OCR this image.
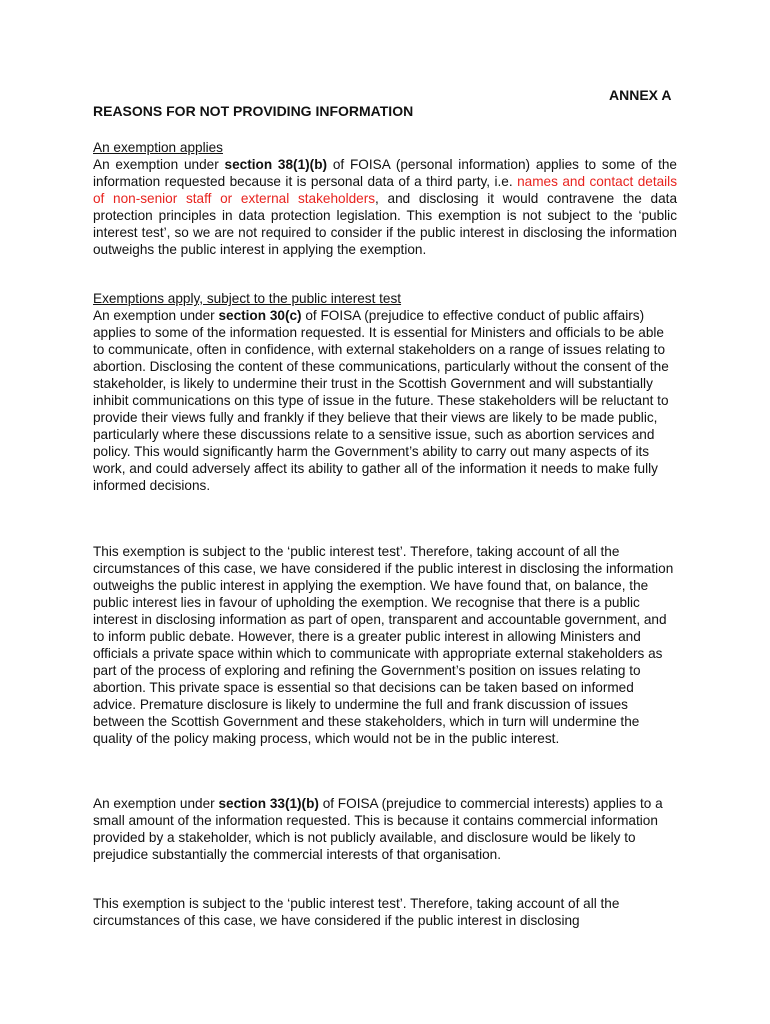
ANNEX A

REASONS FOR NOT PROVIDING INFORMATION

An exemption applies
An exemption under section 38(1)(b) of FOISA (personal information) applies to some of the information requested because it is personal data of a third party, i.e. names and contact details of non-senior staff or external stakeholders, and disclosing it would contravene the data protection principles in data protection legislation. This exemption is not subject to the ‘public interest test’, so we are not required to consider if the public interest in disclosing the information outweighs the public interest in applying the exemption.

Exemptions apply, subject to the public interest test
An exemption under section 30(c) of FOISA (prejudice to effective conduct of public affairs) applies to some of the information requested. It is essential for Ministers and officials to be able to communicate, often in confidence, with external stakeholders on a range of issues relating to abortion. Disclosing the content of these communications, particularly without the consent of the stakeholder, is likely to undermine their trust in the Scottish Government and will substantially inhibit communications on this type of issue in the future. These stakeholders will be reluctant to provide their views fully and frankly if they believe that their views are likely to be made public, particularly where these discussions relate to a sensitive issue, such as abortion services and policy. This would significantly harm the Government’s ability to carry out many aspects of its work, and could adversely affect its ability to gather all of the information it needs to make fully informed decisions.

This exemption is subject to the ‘public interest test’. Therefore, taking account of all the circumstances of this case, we have considered if the public interest in disclosing the information outweighs the public interest in applying the exemption. We have found that, on balance, the public interest lies in favour of upholding the exemption. We recognise that there is a public interest in disclosing information as part of open, transparent and accountable government, and to inform public debate. However, there is a greater public interest in allowing Ministers and officials a private space within which to communicate with appropriate external stakeholders as part of the process of exploring and refining the Government’s position on issues relating to abortion. This private space is essential so that decisions can be taken based on informed advice. Premature disclosure is likely to undermine the full and frank discussion of issues between the Scottish Government and these stakeholders, which in turn will undermine the quality of the policy making process, which would not be in the public interest.

An exemption under section 33(1)(b) of FOISA (prejudice to commercial interests) applies to a small amount of the information requested. This is because it contains commercial information provided by a stakeholder, which is not publicly available, and disclosure would be likely to prejudice substantially the commercial interests of that organisation.

This exemption is subject to the ‘public interest test’. Therefore, taking account of all the circumstances of this case, we have considered if the public interest in disclosing
